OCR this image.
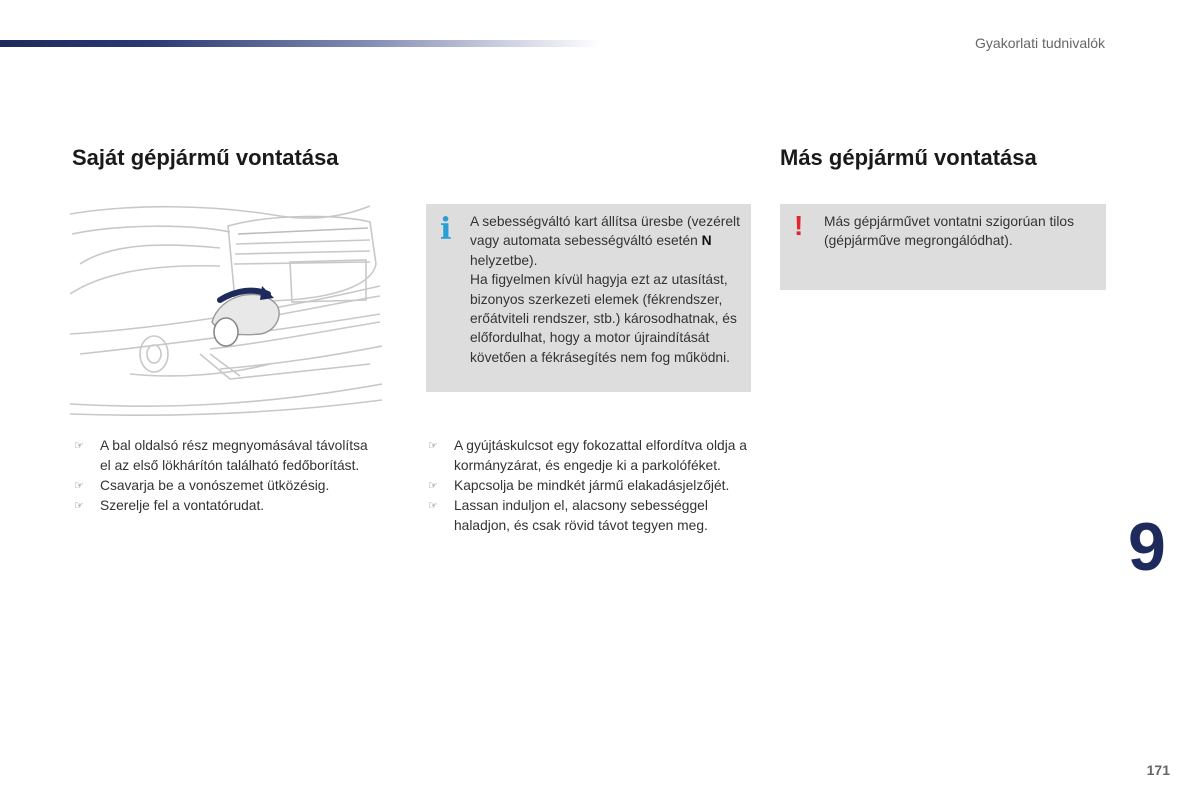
Gyakorlati tudnivalók
Saját gépjármű vontatása	Más gépjármű vontatása
i A sebességváltó kart állítsa üresbe (vezérelt vagy automata sebességváltó esetén N helyzetbe).
Ha figyelmen kívül hagyja ezt az utasítást, bizonyos szerkezeti elemek (fékrendszer, erőátviteli rendszer, stb.) károsodhatnak, és előfordulhat, hogy a motor újraindítását követően a fékrásegítés nem fog működni.
! Más gépjárművet vontatni szigorúan tilos (gépjárműve megrongálódhat).
☞ A bal oldalsó rész megnyomásával távolítsa el az első lökhárítón található fedőborítást.
☞ Csavarja be a vonószemet ütközésig.
☞ Szerelje fel a vontatórudat.
☞ A gyújtáskulcsot egy fokozattal elfordítva oldja a kormányzárat, és engedje ki a parkolóféket.
☞ Kapcsolja be mindkét jármű elakadásjelzőjét.
☞ Lassan induljon el, alacsony sebességgel haladjon, és csak rövid távot tegyen meg.	9
171
